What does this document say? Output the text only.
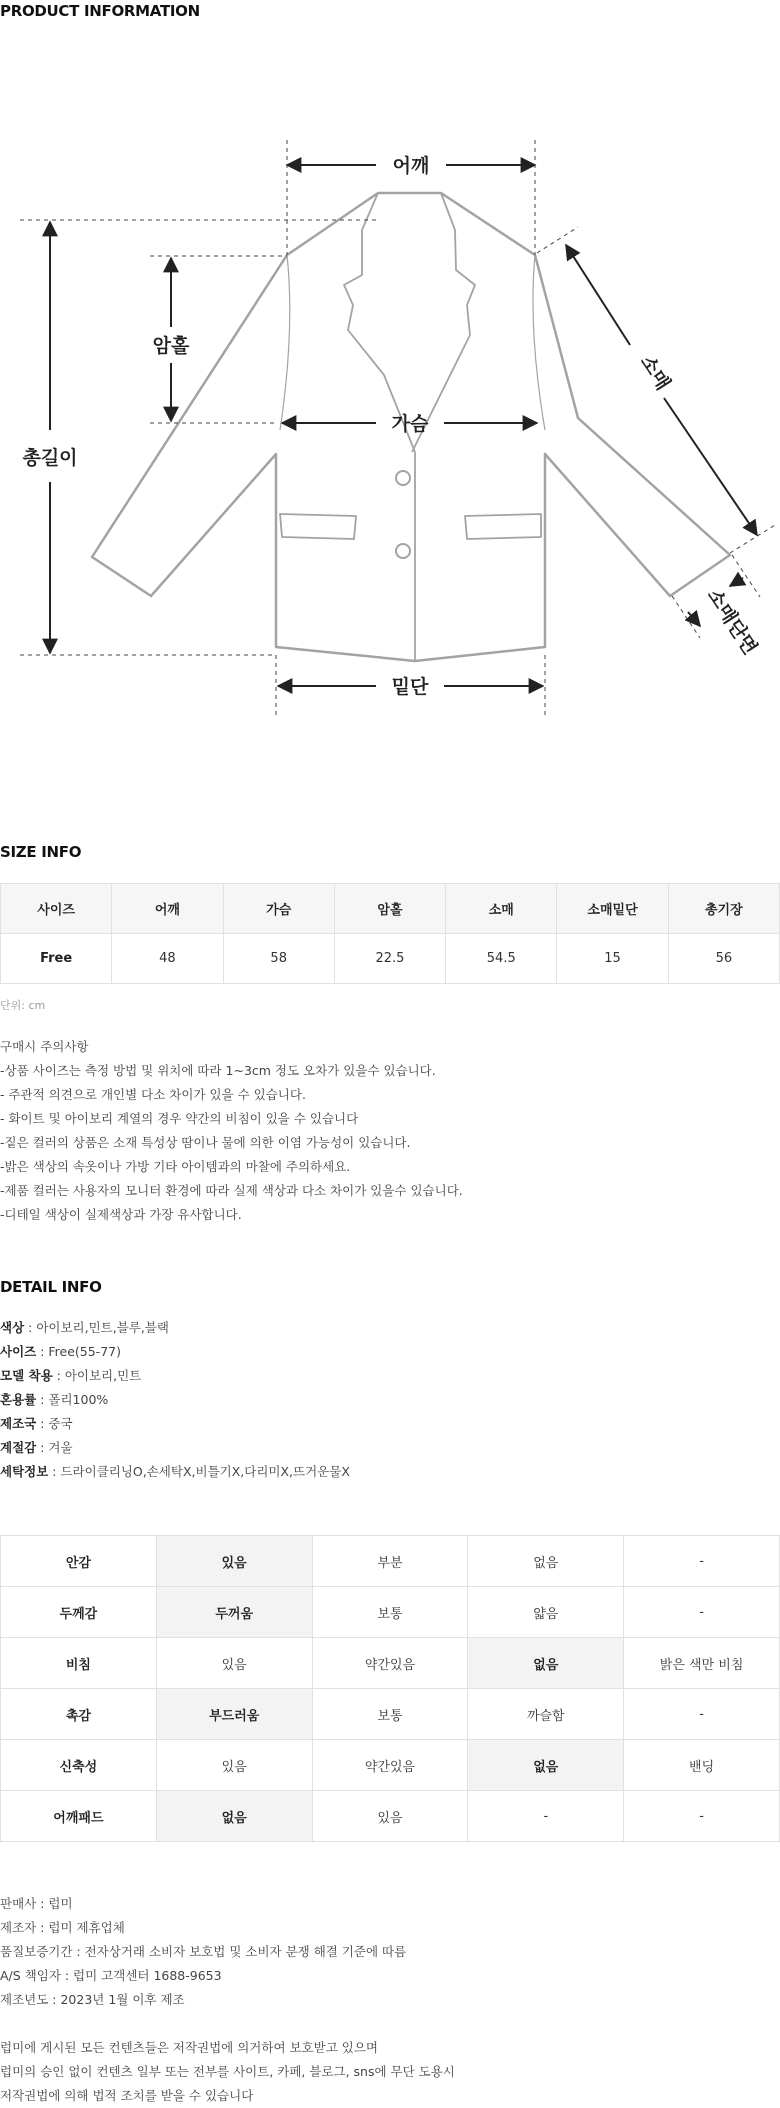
PRODUCT INFORMATION
어깨
총길이
암홀
가슴
소매
소매단면
밑단
SIZE INFO
사이즈	어깨	가슴	암홀	소매	소매밑단	총기장
Free	48	58	22.5	54.5	15	56
단위: cm
구매시 주의사항
-상품 사이즈는 측정 방법 및 위치에 따라 1~3cm 정도 오차가 있을수 있습니다.
- 주관적 의견으로 개인별 다소 차이가 있을 수 있습니다.
- 화이트 및 아이보리 계열의 경우 약간의 비침이 있을 수 있습니다
-짙은 컬러의 상품은 소재 특성상 땀이나 물에 의한 이염 가능성이 있습니다.
-밝은 색상의 속옷이나 가방 기타 아이템과의 마찰에 주의하세요.
-제품 컬러는 사용자의 모니터 환경에 따라 실제 색상과 다소 차이가 있을수 있습니다.
-디테일 색상이 실제색상과 가장 유사합니다.
DETAIL INFO
색상 : 아이보리,민트,블루,블랙
사이즈 : Free(55-77)
모델 착용 : 아이보리,민트
혼용률 : 폴리100%
제조국 : 중국
계절감 : 겨울
세탁정보 : 드라이클리닝O,손세탁X,비틀기X,다리미X,뜨거운물X
안감	있음	부분	없음	-
두께감	두꺼움	보통	얇음	-
비침	있음	약간있음	없음	밝은 색만 비침
촉감	부드러움	보통	까슬함	-
신축성	있음	약간있음	없음	밴딩
어깨패드	없음	있음	-	-
판매사 : 럽미
제조자 : 럽미 제휴업체
품질보증기간 : 전자상거래 소비자 보호법 및 소비자 분쟁 해결 기준에 따름
A/S 책임자 : 럽미 고객센터 1688-9653
제조년도 : 2023년 1월 이후 제조
럽미에 게시된 모든 컨텐츠들은 저작권법에 의거하여 보호받고 있으며
럽미의 승인 없이 컨텐츠 일부 또는 전부를 사이트, 카페, 블로그, sns에 무단 도용시
저작권법에 의해 법적 조치를 받을 수 있습니다
